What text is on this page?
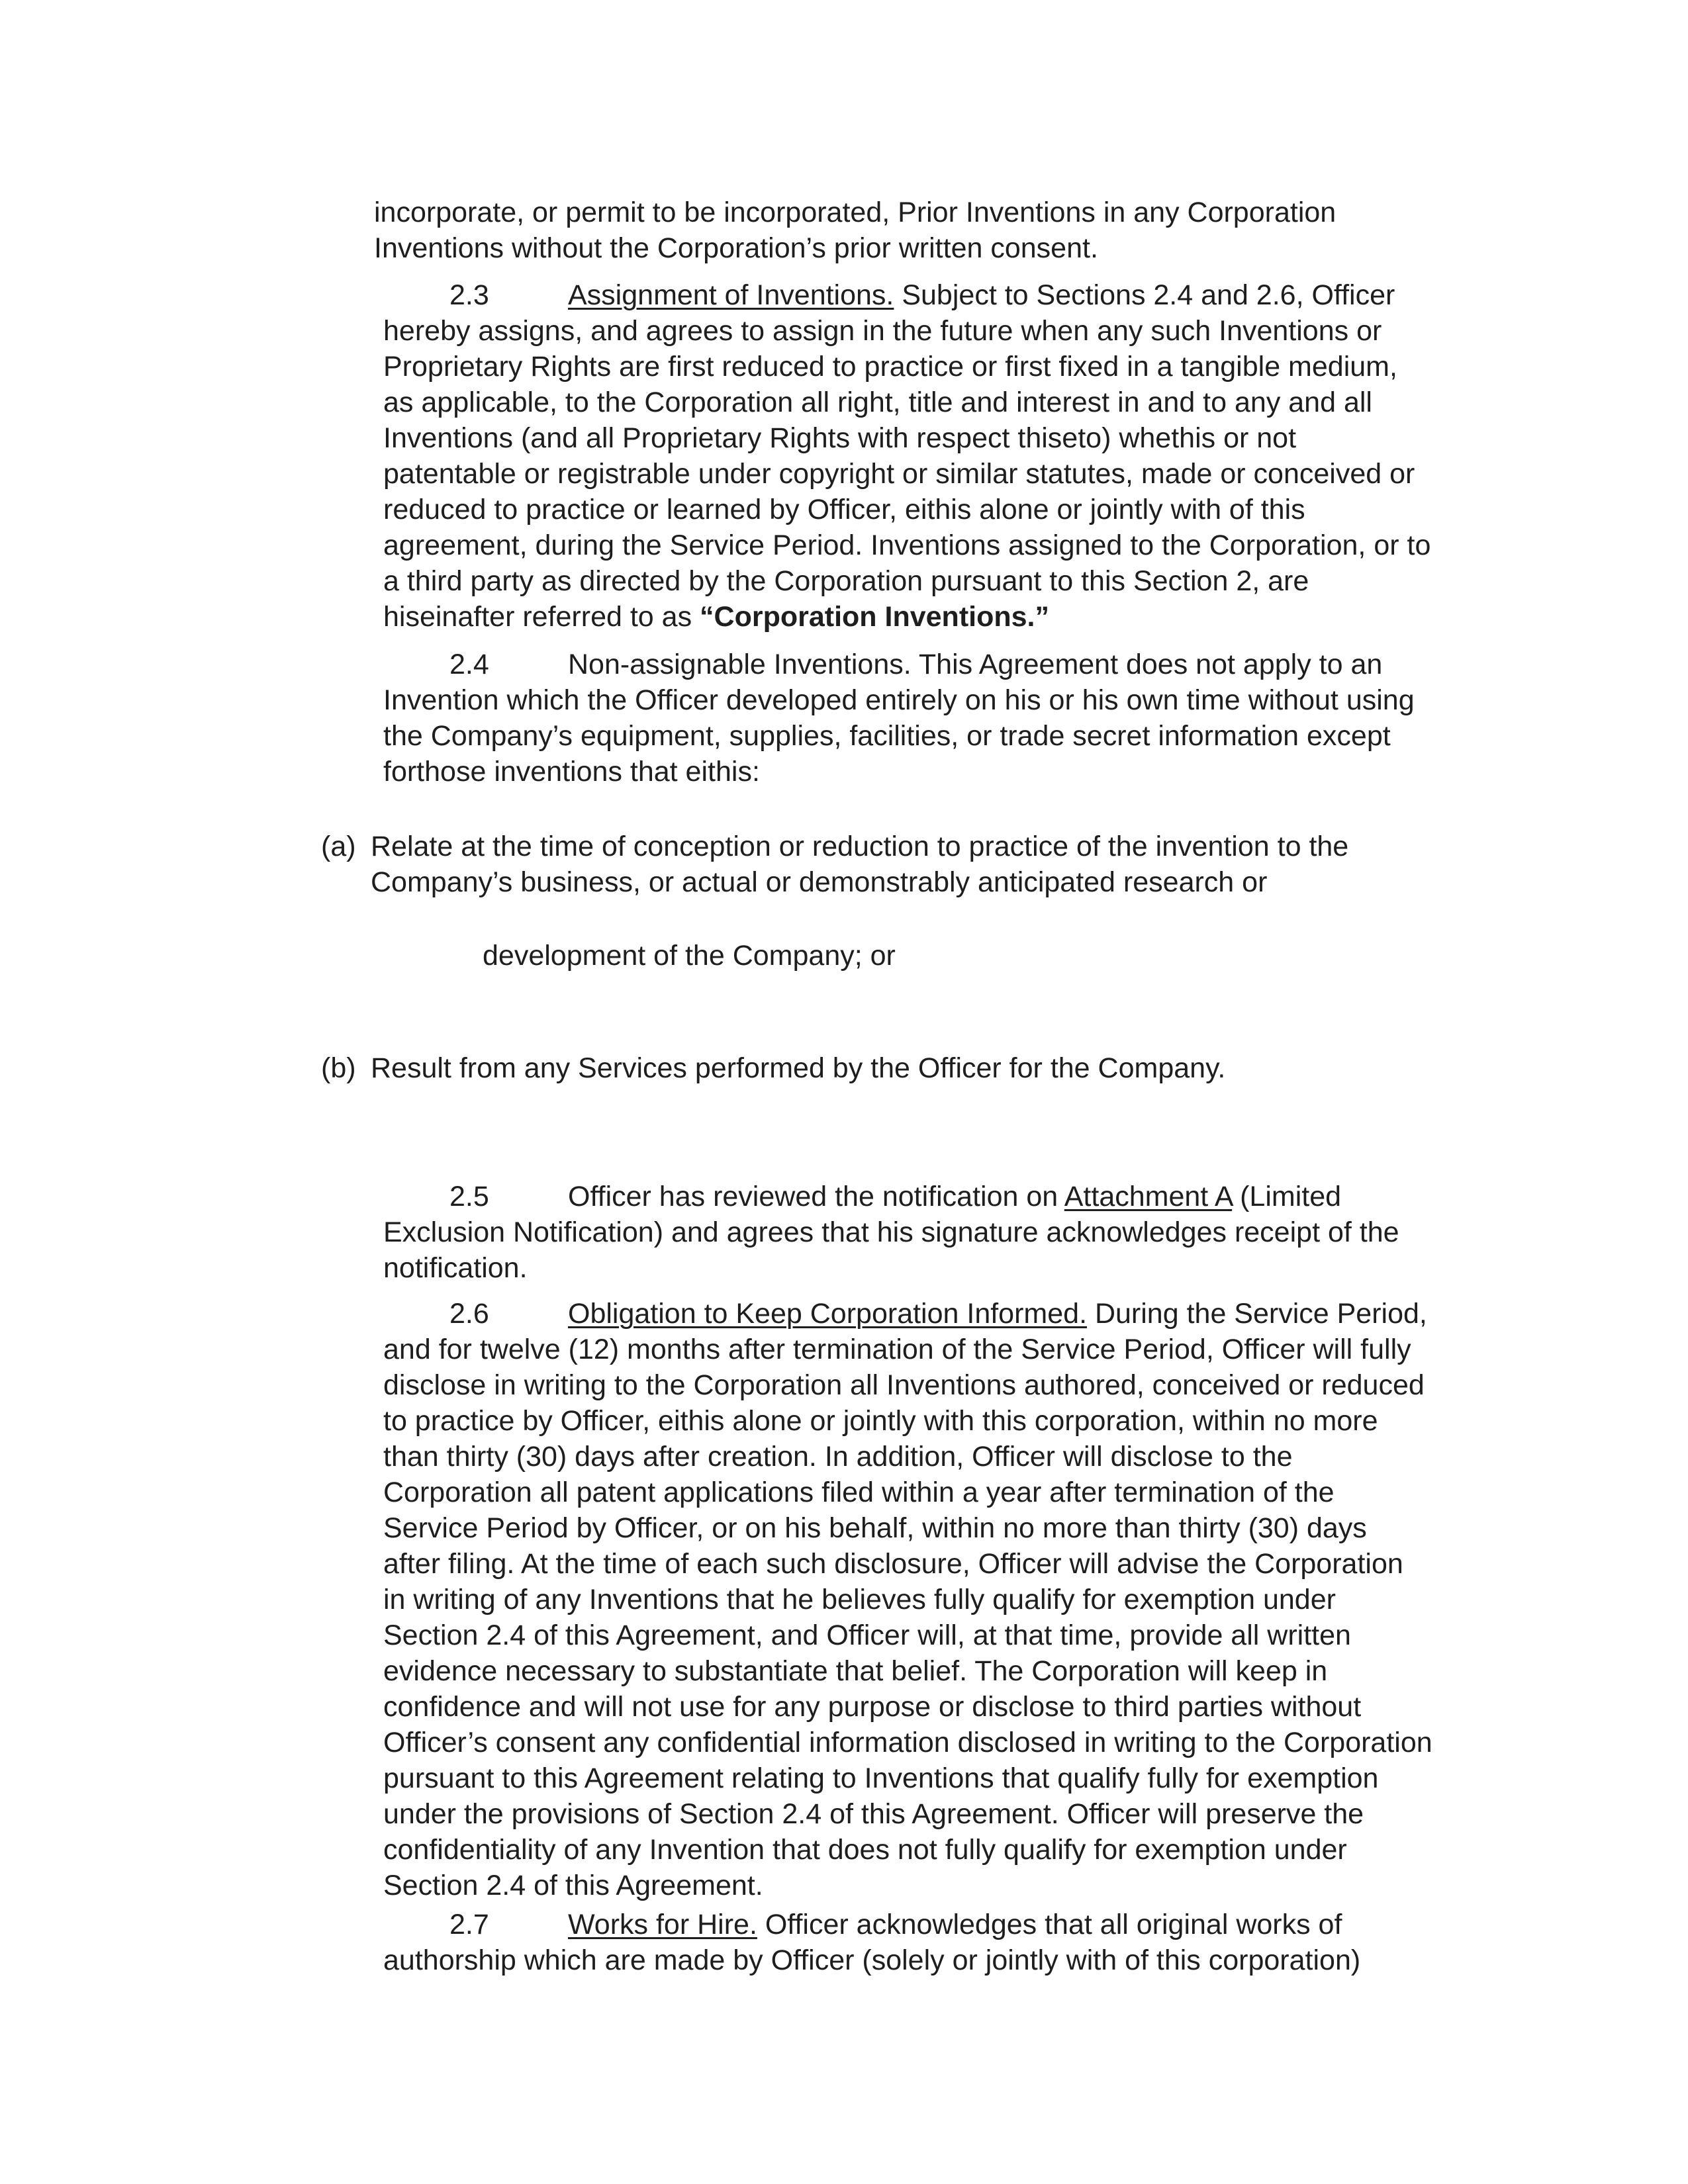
incorporate, or permit to be incorporated, Prior Inventions in any Corporation
Inventions without the Corporation’s prior written consent.
2.3	Assignment of Inventions. Subject to Sections 2.4 and 2.6, Officer
hereby assigns, and agrees to assign in the future when any such Inventions or
Proprietary Rights are first reduced to practice or first fixed in a tangible medium,
as applicable, to the Corporation all right, title and interest in and to any and all
Inventions (and all Proprietary Rights with respect thiseto) whethis or not
patentable or registrable under copyright or similar statutes, made or conceived or
reduced to practice or learned by Officer, eithis alone or jointly with of this
agreement, during the Service Period. Inventions assigned to the Corporation, or to
a third party as directed by the Corporation pursuant to this Section 2, are
hiseinafter referred to as “Corporation Inventions.”
2.4	Non-assignable Inventions. This Agreement does not apply to an
Invention which the Officer developed entirely on his or his own time without using
the Company’s equipment, supplies, facilities, or trade secret information except
forthose inventions that eithis:
(a) Relate at the time of conception or reduction to practice of the invention to the
Company’s business, or actual or demonstrably anticipated research or
development of the Company; or
(b) Result from any Services performed by the Officer for the Company.
2.5	Officer has reviewed the notification on Attachment A (Limited
Exclusion Notification) and agrees that his signature acknowledges receipt of the
notification.
2.6	Obligation to Keep Corporation Informed. During the Service Period,
and for twelve (12) months after termination of the Service Period, Officer will fully
disclose in writing to the Corporation all Inventions authored, conceived or reduced
to practice by Officer, eithis alone or jointly with this corporation, within no more
than thirty (30) days after creation. In addition, Officer will disclose to the
Corporation all patent applications filed within a year after termination of the
Service Period by Officer, or on his behalf, within no more than thirty (30) days
after filing. At the time of each such disclosure, Officer will advise the Corporation
in writing of any Inventions that he believes fully qualify for exemption under
Section 2.4 of this Agreement, and Officer will, at that time, provide all written
evidence necessary to substantiate that belief. The Corporation will keep in
confidence and will not use for any purpose or disclose to third parties without
Officer’s consent any confidential information disclosed in writing to the Corporation
pursuant to this Agreement relating to Inventions that qualify fully for exemption
under the provisions of Section 2.4 of this Agreement. Officer will preserve the
confidentiality of any Invention that does not fully qualify for exemption under
Section 2.4 of this Agreement.
2.7	Works for Hire. Officer acknowledges that all original works of
authorship which are made by Officer (solely or jointly with of this corporation)
